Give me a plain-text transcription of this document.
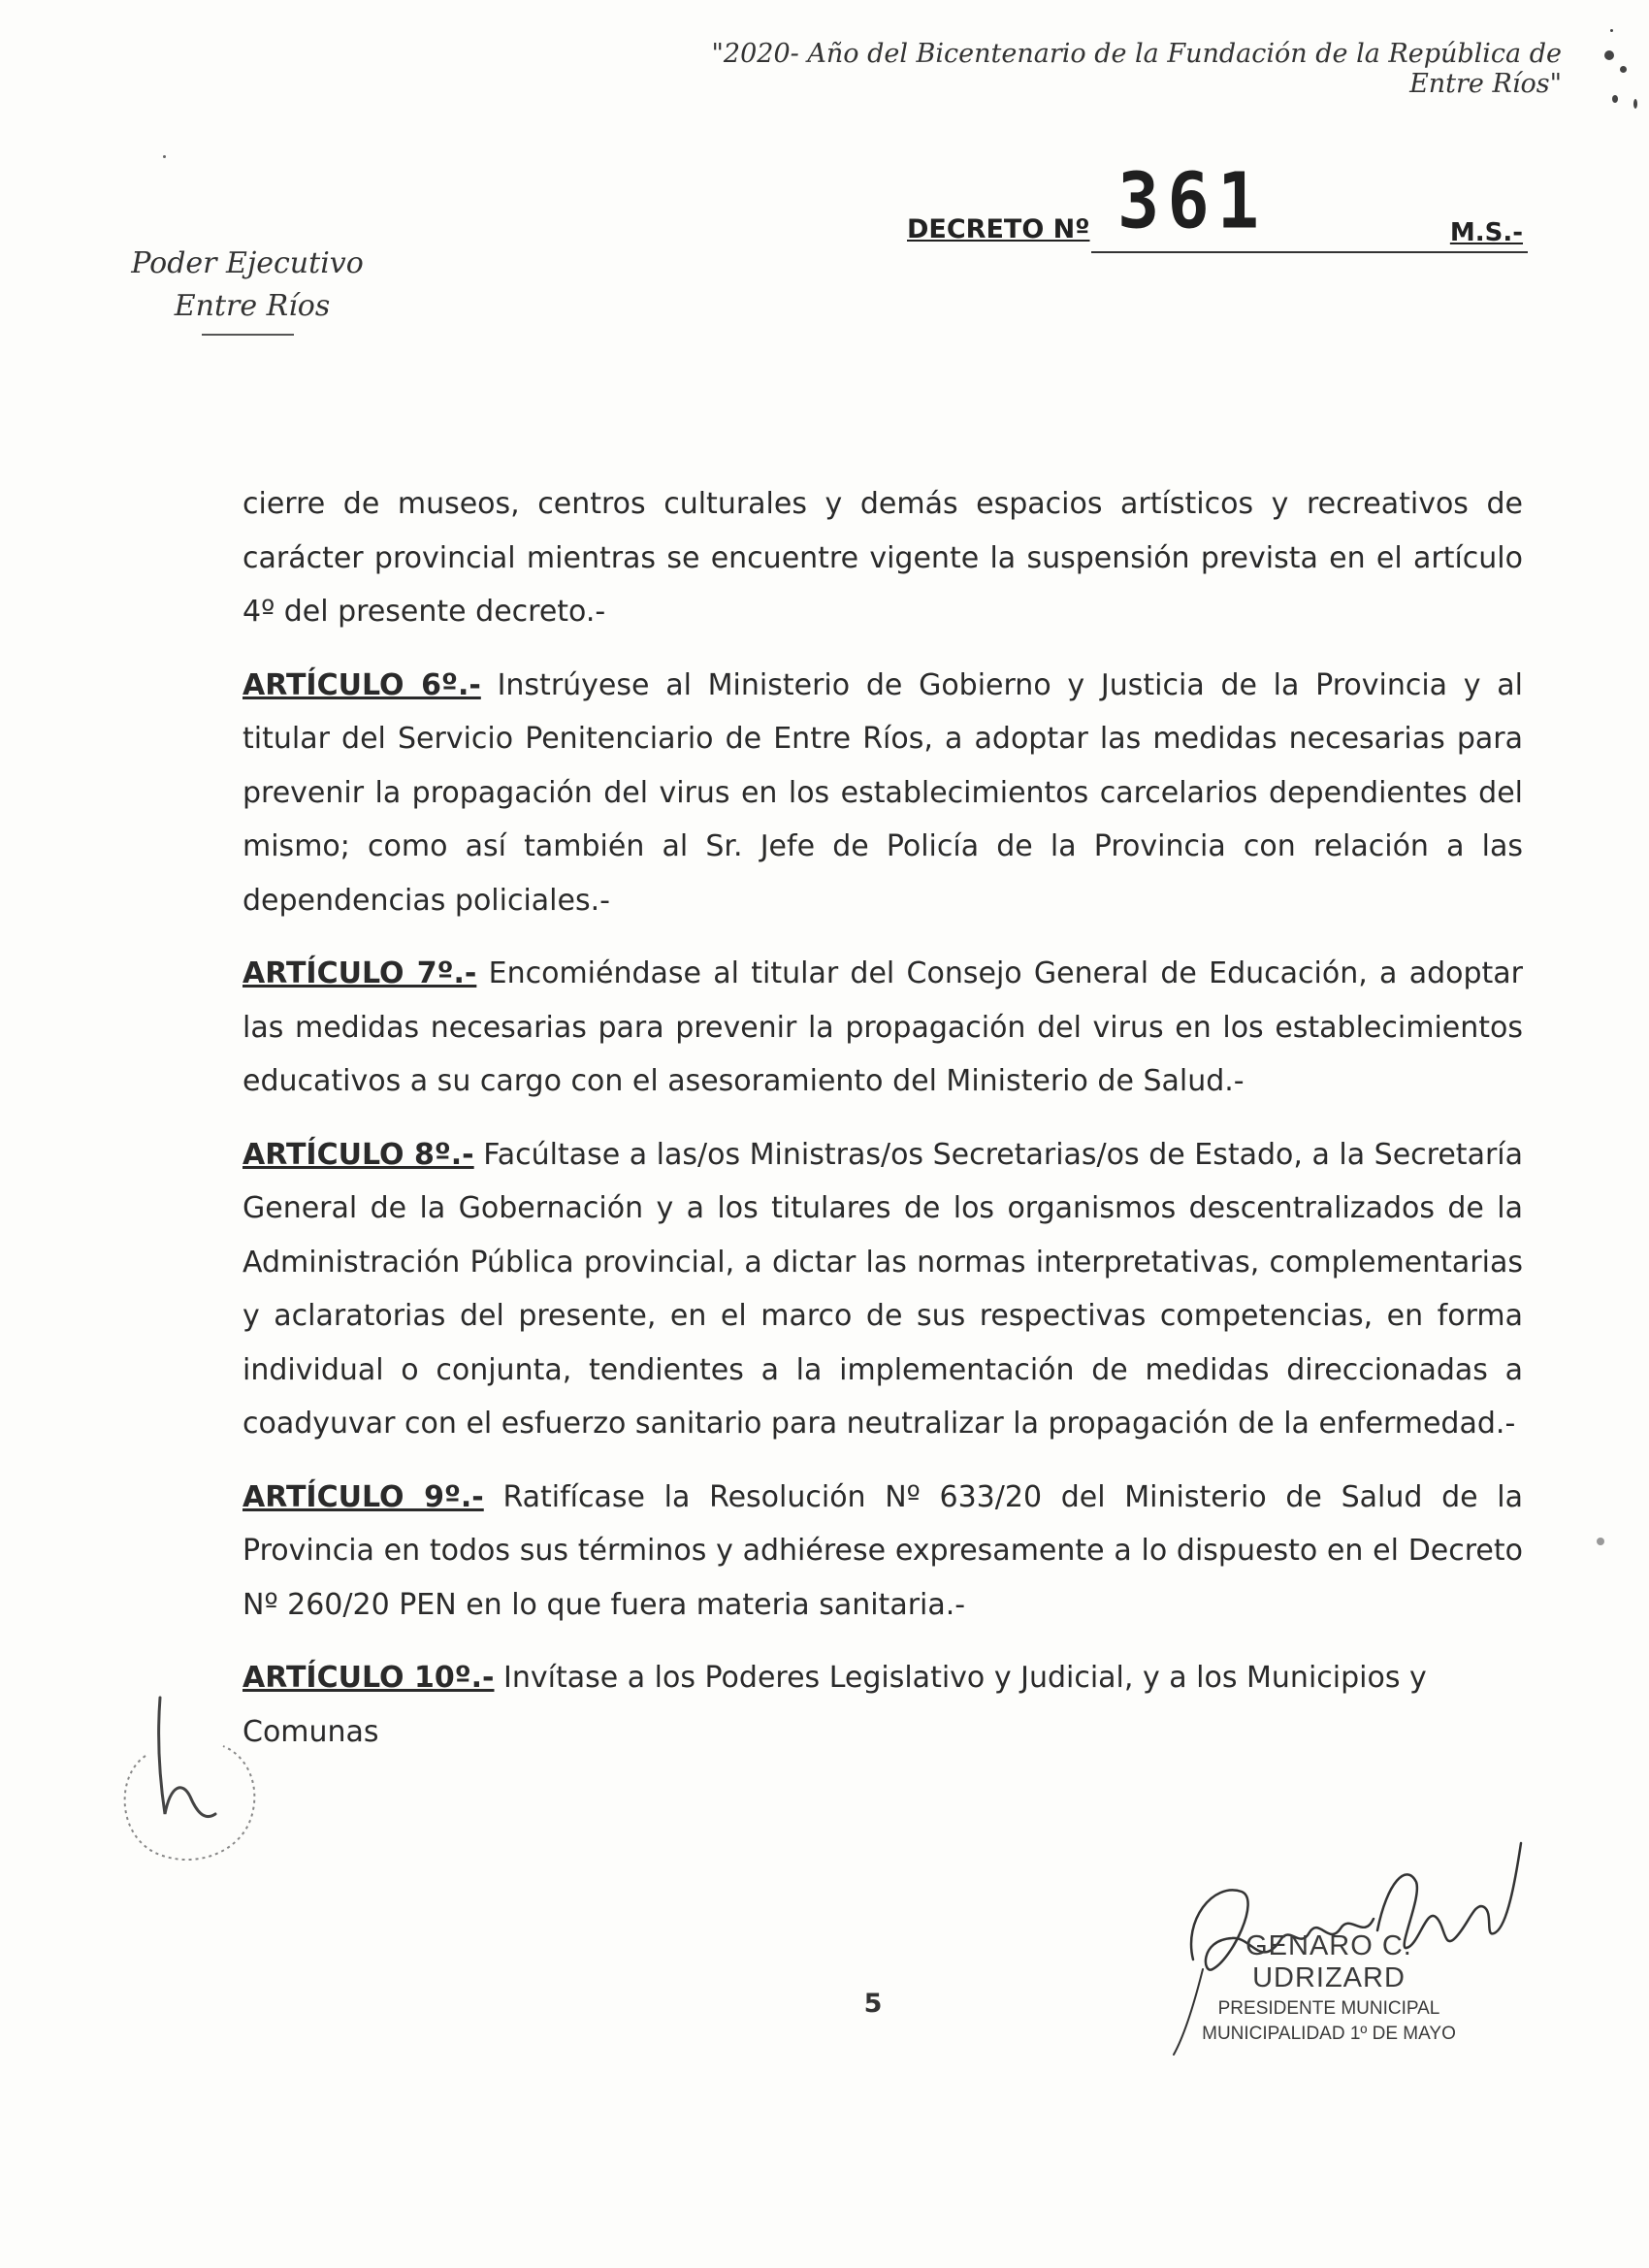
"2020- Año del Bicentenario de la Fundación de la República de Entre Ríos"
DECRETO Nº 361	M.S.-
Poder Ejecutivo
Entre Ríos

cierre de museos, centros culturales y demás espacios artísticos y recreativos de carácter provincial mientras se encuentre vigente la suspensión prevista en el artículo 4º del presente decreto.-

ARTÍCULO 6º.- Instrúyese al Ministerio de Gobierno y Justicia de la Provincia y al titular del Servicio Penitenciario de Entre Ríos, a adoptar las medidas necesarias para prevenir la propagación del virus en los establecimientos carcelarios dependientes del mismo; como así también al Sr. Jefe de Policía de la Provincia con relación a las dependencias policiales.-

ARTÍCULO 7º.- Encomiéndase al titular del Consejo General de Educación, a adoptar las medidas necesarias para prevenir la propagación del virus en los establecimientos educativos a su cargo con el asesoramiento del Ministerio de Salud.-

ARTÍCULO 8º.- Facúltase a las/os Ministras/os Secretarias/os de Estado, a la Secretaría General de la Gobernación y a los titulares de los organismos descentralizados de la Administración Pública provincial, a dictar las normas interpretativas, complementarias y aclaratorias del presente, en el marco de sus respectivas competencias, en forma individual o conjunta, tendientes a la implementación de medidas direccionadas a coadyuvar con el esfuerzo sanitario para neutralizar la propagación de la enfermedad.-

ARTÍCULO 9º.- Ratifícase la Resolución Nº 633/20 del Ministerio de Salud de la Provincia en todos sus términos y adhiérese expresamente a lo dispuesto en el Decreto Nº 260/20 PEN en lo que fuera materia sanitaria.-

ARTÍCULO 10º.- Invítase a los Poderes Legislativo y Judicial, y a los Municipios y Comunas

GENARO C. UDRIZARD
PRESIDENTE MUNICIPAL
MUNICIPALIDAD 1º DE MAYO
5
